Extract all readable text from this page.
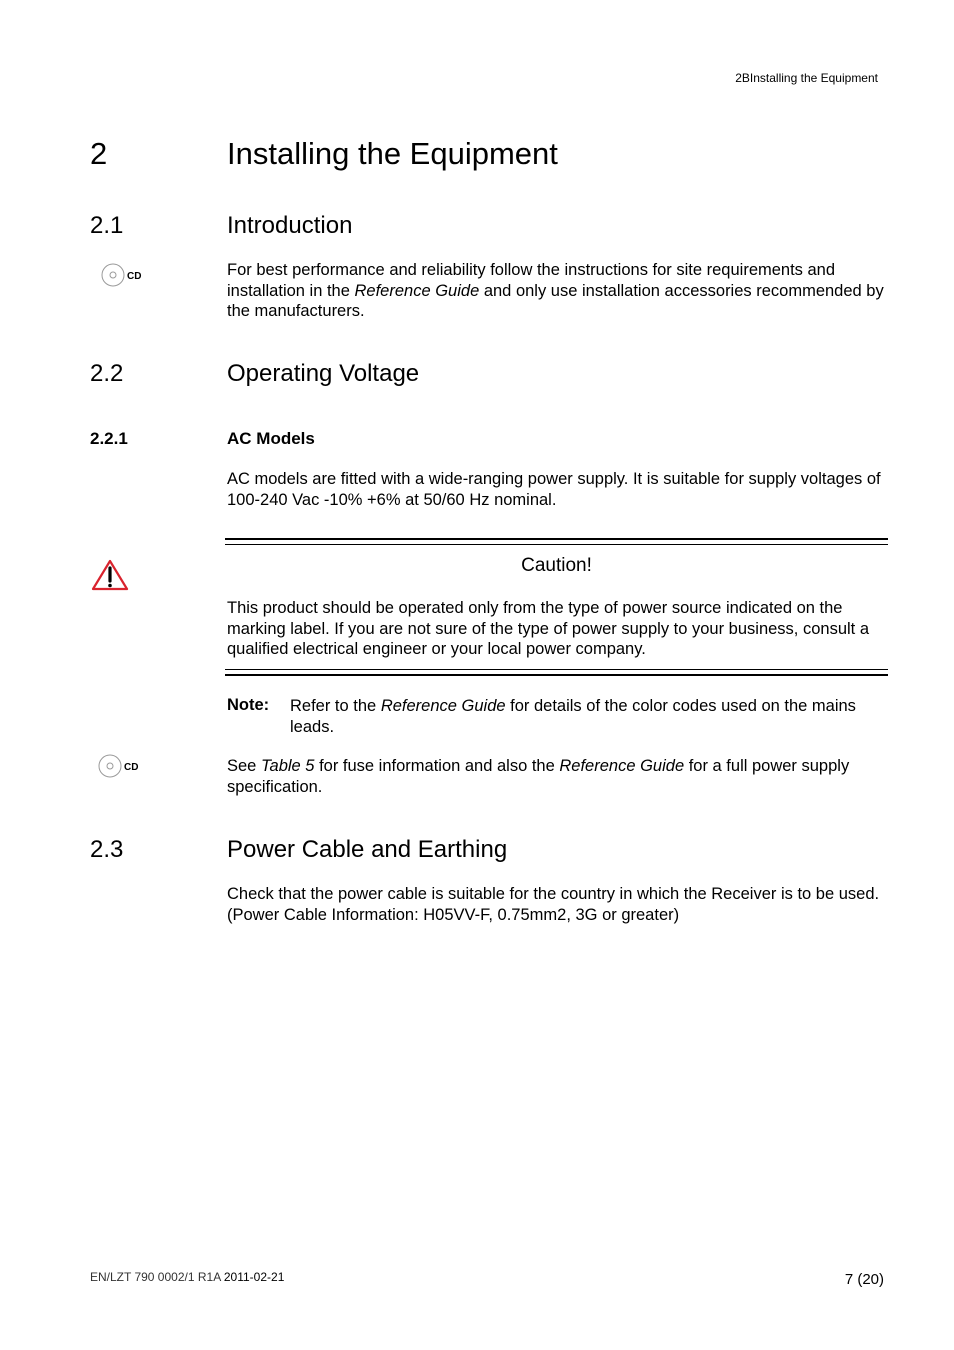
2BInstalling the Equipment
2	Installing the Equipment
2.1	Introduction
CD	For best performance and reliability follow the instructions for site requirements and installation in the Reference Guide and only use installation accessories recommended by the manufacturers.
2.2	Operating Voltage
2.2.1	AC Models
AC models are fitted with a wide-ranging power supply. It is suitable for supply voltages of 100-240 Vac -10% +6% at 50/60 Hz nominal.
Caution!
This product should be operated only from the type of power source indicated on the marking label. If you are not sure of the type of power supply to your business, consult a qualified electrical engineer or your local power company.
Note: Refer to the Reference Guide for details of the color codes used on the mains leads.
CD	See Table 5 for fuse information and also the Reference Guide for a full power supply specification.
2.3	Power Cable and Earthing
Check that the power cable is suitable for the country in which the Receiver is to be used.
(Power Cable Information: H05VV-F, 0.75mm2, 3G or greater)
EN/LZT 790 0002/1 R1A 2011-02-21	7 (20)
